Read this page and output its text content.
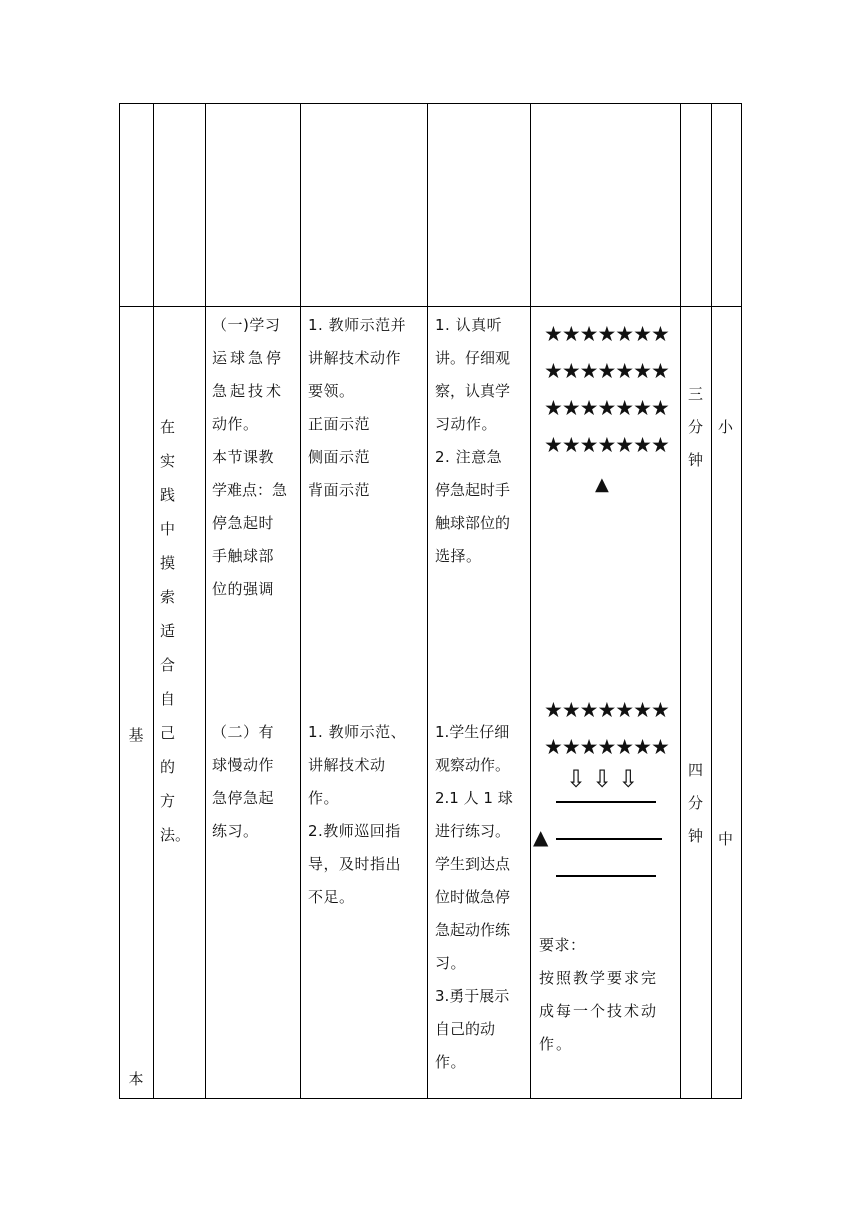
基
本
在
实
践
中
摸
索
适
合
自
己
的
方
法。
（一)学习
运球急停
急起技术
动作。
本节课教
学难点：急
停急起时
手触球部
位的强调
（二）有
球慢动作
急停急起
练习。
1. 教师示范并
讲解技术动作
要领。
正面示范
侧面示范
背面示范
1. 教师示范、
讲解技术动
作。
2.教师巡回指
导，及时指出
不足。
1. 认真听
讲。仔细观
察，认真学
习动作。
2. 注意急
停急起时手
触球部位的
选择。
1.学生仔细
观察动作。
2.1 人 1 球
进行练习。
学生到达点
位时做急停
急起动作练
习。
3.勇于展示
自己的动
作。
★★★★★★★
★★★★★★★
★★★★★★★
★★★★★★★
▲
★★★★★★★
★★★★★★★
⇩⇩⇩
▲
要求：
按照教学要求完
成每一个技术动
作。
三
分
钟
四
分
钟
小
中
